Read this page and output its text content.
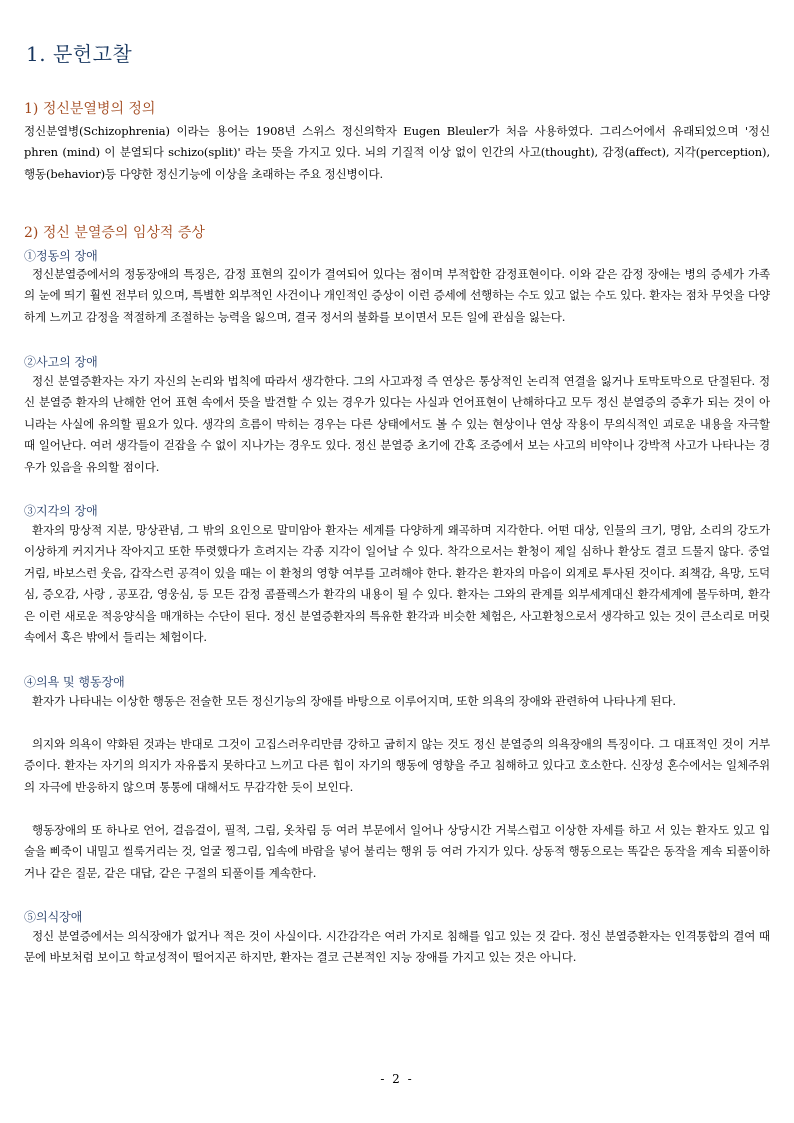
1. 문헌고찰
1) 정신분열병의 정의

정신분열병(Schizophrenia) 이라는 용어는 1908년 스위스 정신의학자 Eugen Bleuler가 처음 사용하였다. 그리스어에서 유래되었으며 '정신 phren (mind) 이 분열되다 schizo(split)' 라는 뜻을 가지고 있다. 뇌의 기질적 이상 없이 인간의 사고(thought), 감정(affect), 지각(perception), 행동(behavior)등 다양한 정신기능에 이상을 초래하는 주요 정신병이다.

2) 정신 분열증의 임상적 증상

①정동의 장애

정신분열증에서의 정동장애의 특징은, 감정 표현의 깊이가 결여되어 있다는 점이며 부적합한 감정표현이다. 이와 같은 감정 장애는 병의 증세가 가족의 눈에 띄기 훨씬 전부터 있으며, 특별한 외부적인 사건이나 개인적인 증상이 이런 증세에 선행하는 수도 있고 없는 수도 있다. 환자는 점차 무엇을 다양하게 느끼고 감정을 적절하게 조절하는 능력을 잃으며, 결국 정서의 불화를 보이면서 모든 일에 관심을 잃는다.

②사고의 장애

정신 분열증환자는 자기 자신의 논리와 법칙에 따라서 생각한다. 그의 사고과정 즉 연상은 통상적인 논리적 연결을 잃거나 토막토막으로 단절된다. 정신 분열증 환자의 난해한 언어 표현 속에서 뜻을 발견할 수 있는 경우가 있다는 사실과 언어표현이 난해하다고 모두 정신 분열증의 증후가 되는 것이 아니라는 사실에 유의할 필요가 있다. 생각의 흐름이 막히는 경우는 다른 상태에서도 볼 수 있는 현상이나 연상 작용이 무의식적인 괴로운 내용을 자극할 때 일어난다. 여러 생각들이 걷잡을 수 없이 지나가는 경우도 있다. 정신 분열증 초기에 간혹 조증에서 보는 사고의 비약이나 강박적 사고가 나타나는 경우가 있음을 유의할 점이다.

③지각의 장애

환자의 망상적 지분, 망상관념, 그 밖의 요인으로 말미암아 환자는 세계를 다양하게 왜곡하며 지각한다. 어떤 대상, 인물의 크기, 명암, 소리의 강도가 이상하게 커지거나 작아지고 또한 뚜렷했다가 흐려지는 각종 지각이 일어날 수 있다. 착각으로서는 환청이 제일 심하나 환상도 결코 드물지 않다. 중얼거림, 바보스런 웃음, 갑작스런 공격이 있을 때는 이 환청의 영향 여부를 고려해야 한다. 환각은 환자의 마음이 외계로 투사된 것이다. 죄책감, 욕망, 도덕심, 증오감, 사랑 , 공포감, 영웅심, 등 모든 감정 콤플렉스가 환각의 내용이 될 수 있다. 환자는 그와의 관계를 외부세계대신 환각세계에 몰두하며, 환각은 이런 새로운 적응양식을 매개하는 수단이 된다. 정신 분열증환자의 특유한 환각과 비슷한 체험은, 사고환청으로서 생각하고 있는 것이 큰소리로 머릿속에서 혹은 밖에서 들리는 체험이다.

④의욕 및 행동장애

환자가 나타내는 이상한 행동은 전술한 모든 정신기능의 장애를 바탕으로 이루어지며, 또한 의욕의 장애와 관련하여 나타나게 된다.

의지와 의욕이 약화된 것과는 반대로 그것이 고집스러우리만큼 강하고 굽히지 않는 것도 정신 분열증의 의욕장애의 특징이다. 그 대표적인 것이 거부증이다. 환자는 자기의 의지가 자유롭지 못하다고 느끼고 다른 힘이 자기의 행동에 영향을 주고 침해하고 있다고 호소한다. 신장성 혼수에서는 일체주위의 자극에 반응하지 않으며 통통에 대해서도 무감각한 듯이 보인다.

행동장애의 또 하나로 언어, 걸음걸이, 필적, 그림, 옷차림 등 여러 부문에서 일어나 상당시간 거북스럽고 이상한 자세를 하고 서 있는 환자도 있고 입술을 삐죽이 내밀고 씰룩거리는 것, 얼굴 찡그림, 입속에 바람을 넣어 불리는 행위 등 여러 가지가 있다. 상동적 행동으로는 똑같은 동작을 계속 되풀이하거나 같은 질문, 같은 대답, 같은 구절의 되풀이를 계속한다.

⑤의식장애

정신 분열증에서는 의식장애가 없거나 적은 것이 사실이다. 시간감각은 여러 가지로 침해를 입고 있는 것 같다. 정신 분열증환자는 인격통합의 결여 때문에 바보처럼 보이고 학교성적이 떨어지곤 하지만, 환자는 결코 근본적인 지능 장애를 가지고 있는 것은 아니다.

- 2 -
